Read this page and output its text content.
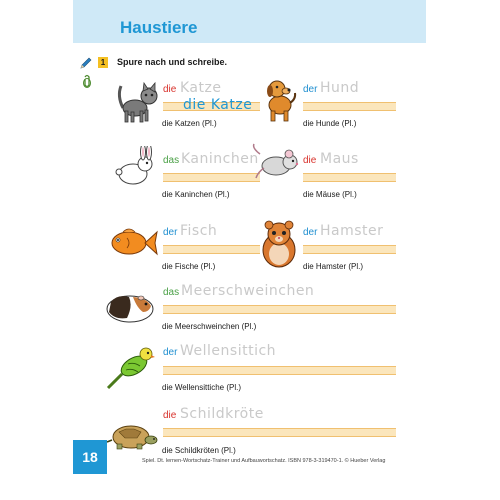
Haustiere
1	Spure nach und schreibe.
die Katze
die Katze
die Katzen (Pl.)
der Hund
die Hunde (Pl.)
das Kaninchen
die Kaninchen (Pl.)
die Maus
die Mäuse (Pl.)
der Fisch
die Fische (Pl.)
der Hamster
die Hamster (Pl.)
das Meerschweinchen
die Meerschweinchen (Pl.)
der Wellensittich
die Wellensittiche (Pl.)
die Schildkröte
die Schildkröten (Pl.)
18	Spiel. Dt. lernen-Wortschatz-Trainer und Aufbauwortschatz. ISBN 978-3-319470-1. © Hueber Verlag
